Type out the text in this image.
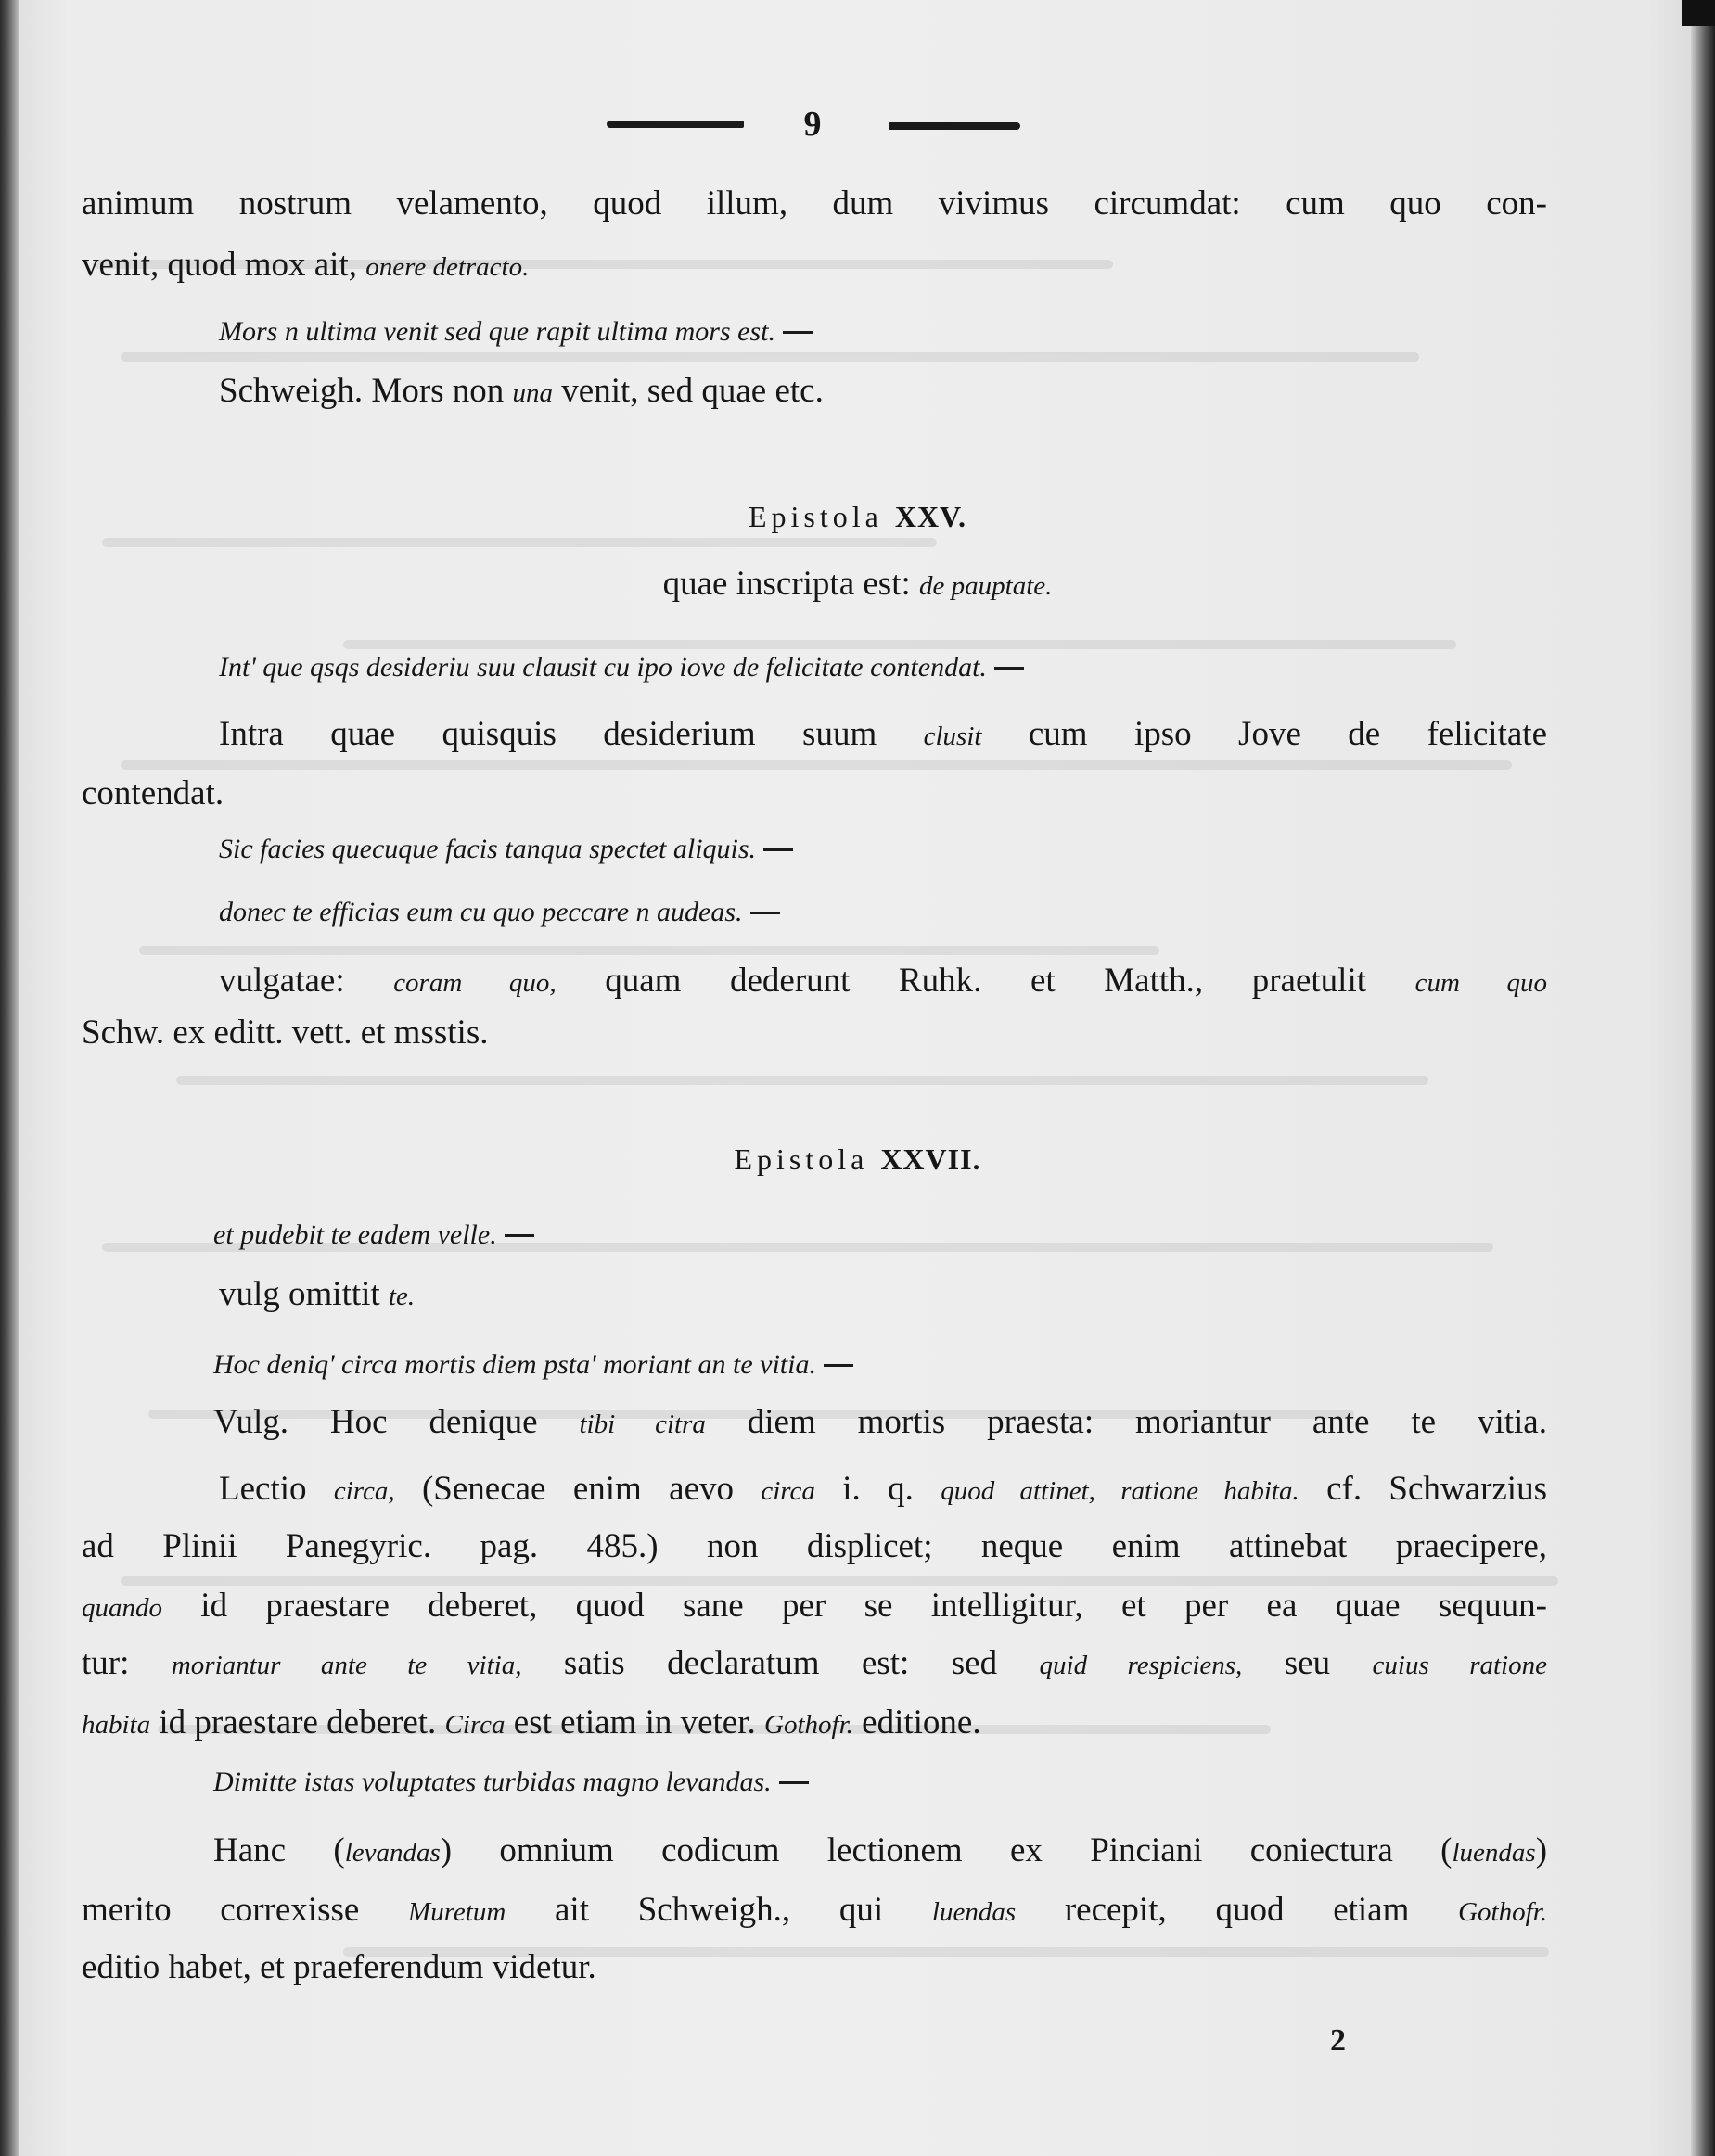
9
animum nostrum velamento, quod illum, dum vivimus circumdat: cum quo con-
venit, quod mox ait, onere detracto.
Mors n ultima venit sed que rapit ultima mors est.
Schweigh. Mors non una venit, sed quae etc.
Epistola XXV.
quae inscripta est: de pauptate.
Int' que qsqs desideriu suu clausit cu ipo iove de felicitate contendat.
Intra quae quisquis desiderium suum clusit cum ipso Jove de felicitate
contendat.
Sic facies quecuque facis tanqua spectet aliquis.
donec te efficias eum cu quo peccare n audeas.
vulgatae: coram quo, quam dederunt Ruhk. et Matth., praetulit cum quo
Schw. ex editt. vett. et msstis.
Epistola XXVII.
et pudebit te eadem velle.
vulg omittit te.
Hoc deniq' circa mortis diem psta' moriant an te vitia.
Vulg. Hoc denique tibi citra diem mortis praesta: moriantur ante te vitia.
Lectio circa, (Senecae enim aevo circa i. q. quod attinet, ratione habita. cf. Schwarzius
ad Plinii Panegyric. pag. 485.) non displicet; neque enim attinebat praecipere,
quando id praestare deberet, quod sane per se intelligitur, et per ea quae sequun-
tur: moriantur ante te vitia, satis declaratum est: sed quid respiciens, seu cuius ratione
habita id praestare deberet. Circa est etiam in veter. Gothofr. editione.
Dimitte istas voluptates turbidas magno levandas.
Hanc (levandas) omnium codicum lectionem ex Pinciani coniectura (luendas)
merito correxisse Muretum ait Schweigh., qui luendas recepit, quod etiam Gothofr.
editio habet, et praeferendum videtur.
2
